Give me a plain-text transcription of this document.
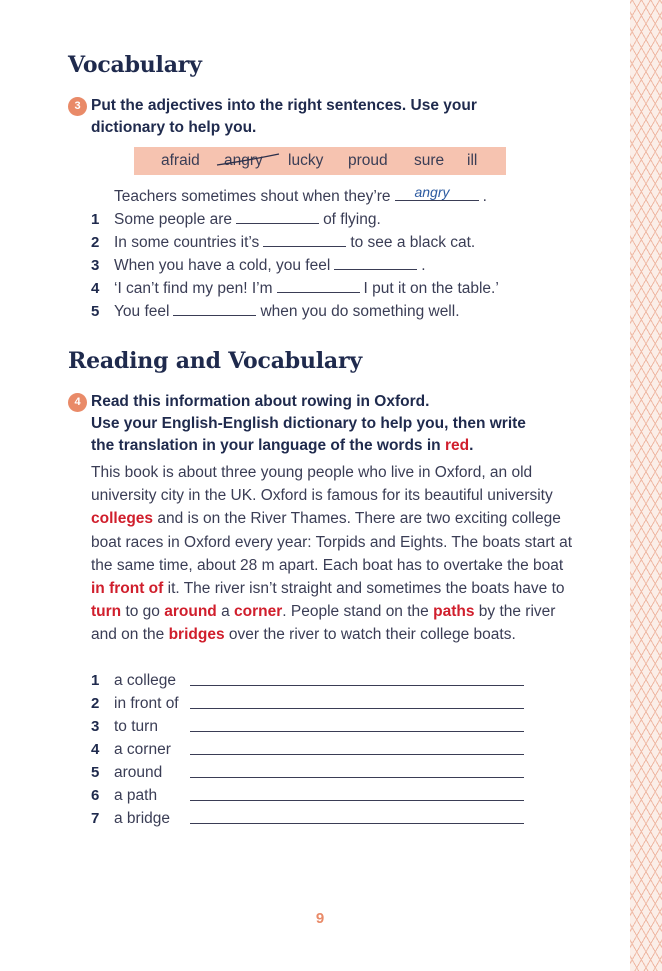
Vocabulary
3 Put the adjectives into the right sentences. Use your
dictionary to help you.
afraid angry lucky proud sure ill
Teachers sometimes shout when they’re	.
angry
1 Some people are	of flying.
2 In some countries it’s	to see a black cat.
3 When you have a cold, you feel	.
4 ‘I can’t find my pen! I’m	I put it on the table.’
5 You feel	when you do something well.
Reading and Vocabulary
4 Read this information about rowing in Oxford.
Use your English-English dictionary to help you, then write
the translation in your language of the words in red.

This book is about three young people who live in Oxford, an old university city in the UK. Oxford is famous for its beautiful university colleges and is on the River Thames. There are two exciting college boat races in Oxford every year: Torpids and Eights. The boats start at the same time, about 28 m apart. Each boat has to overtake the boat in front of it. The river isn’t straight and sometimes the boats have to turn to go around a corner. People stand on the paths by the river and on the bridges over the river to watch their college boats.

1 a college
2 in front of
3 to turn
4 a corner
5 around
6 a path
7 a bridge
9
